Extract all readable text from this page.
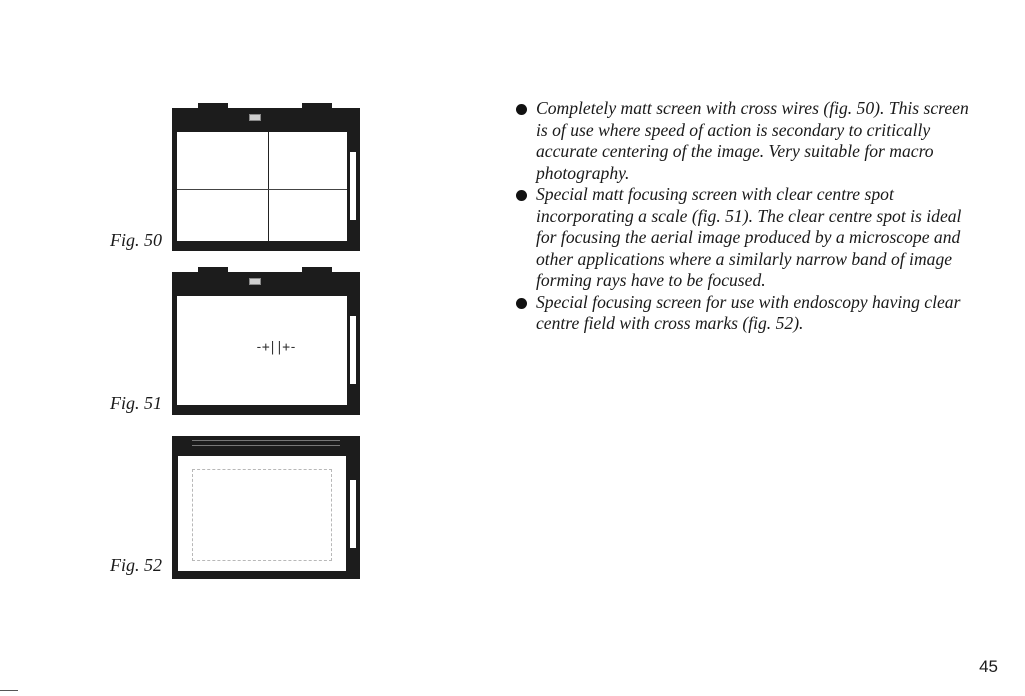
Fig. 50
-+||+-
Fig. 51
Fig. 52
Completely matt screen with cross wires (fig. 50). This screen is of use where speed of action is secondary to critically accurate centering of the image. Very suitable for macro photography.
Special matt focusing screen with clear centre spot incorporating a scale (fig. 51). The clear centre spot is ideal for focusing the aerial image produced by a microscope and other applications where a similarly narrow band of image forming rays have to be focused.
Special focusing screen for use with endoscopy having clear centre field with cross marks (fig. 52).
45
